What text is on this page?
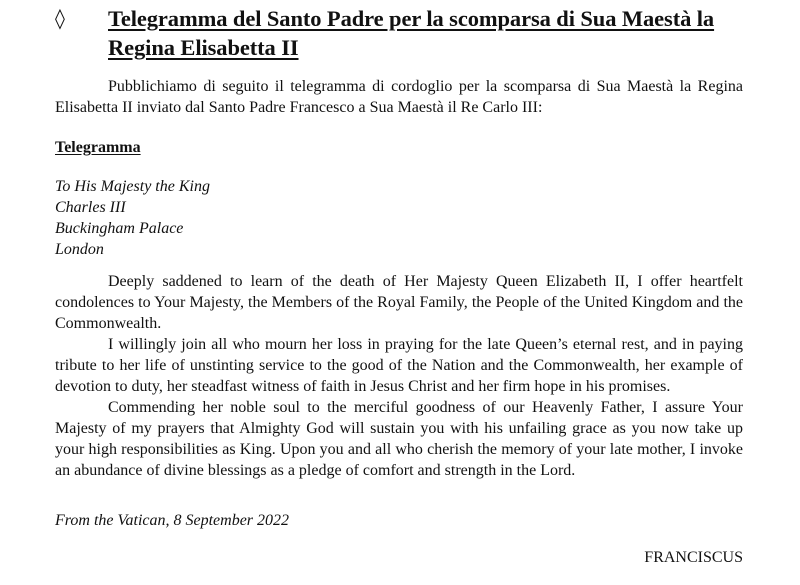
◊ Telegramma del Santo Padre per la scomparsa di Sua Maestà la Regina Elisabetta II

Pubblichiamo di seguito il telegramma di cordoglio per la scomparsa di Sua Maestà la Regina Elisabetta II inviato dal Santo Padre Francesco a Sua Maestà il Re Carlo III:

Telegramma

To His Majesty the King
Charles III
Buckingham Palace
London

Deeply saddened to learn of the death of Her Majesty Queen Elizabeth II, I offer heartfelt condolences to Your Majesty, the Members of the Royal Family, the People of the United Kingdom and the Commonwealth.

I willingly join all who mourn her loss in praying for the late Queen’s eternal rest, and in paying tribute to her life of unstinting service to the good of the Nation and the Commonwealth, her example of devotion to duty, her steadfast witness of faith in Jesus Christ and her firm hope in his promises.

Commending her noble soul to the merciful goodness of our Heavenly Father, I assure Your Majesty of my prayers that Almighty God will sustain you with his unfailing grace as you now take up your high responsibilities as King. Upon you and all who cherish the memory of your late mother, I invoke an abundance of divine blessings as a pledge of comfort and strength in the Lord.

From the Vatican, 8 September 2022

FRANCISCUS
